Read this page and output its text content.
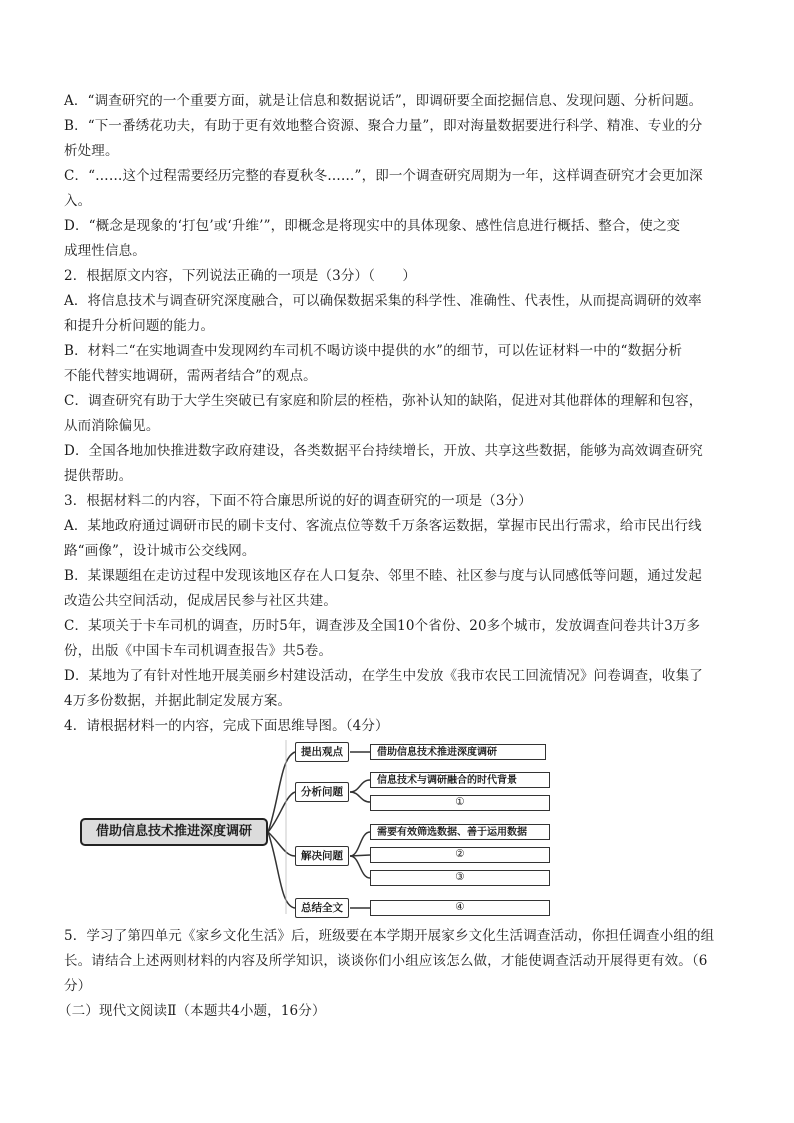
A．“调查研究的一个重要方面，就是让信息和数据说话”，即调研要全面挖掘信息、发现问题、分析问题。
B．“下一番绣花功夫，有助于更有效地整合资源、聚合力量”，即对海量数据要进行科学、精准、专业的分
析处理。
C．“……这个过程需要经历完整的春夏秋冬……”，即一个调查研究周期为一年，这样调查研究才会更加深
入。
D．“概念是现象的‘打包’或‘升维’”，即概念是将现实中的具体现象、感性信息进行概括、整合，使之变
成理性信息。
2．根据原文内容，下列说法正确的一项是（3分）（　　）
A．将信息技术与调查研究深度融合，可以确保数据采集的科学性、准确性、代表性，从而提高调研的效率
和提升分析问题的能力。
B．材料二“在实地调查中发现网约车司机不喝访谈中提供的水”的细节，可以佐证材料一中的“数据分析
不能代替实地调研，需两者结合”的观点。
C．调查研究有助于大学生突破已有家庭和阶层的桎梏，弥补认知的缺陷，促进对其他群体的理解和包容，
从而消除偏见。
D．全国各地加快推进数字政府建设，各类数据平台持续增长，开放、共享这些数据，能够为高效调查研究
提供帮助。
3．根据材料二的内容，下面不符合廉思所说的好的调查研究的一项是（3分）
A．某地政府通过调研市民的刷卡支付、客流点位等数千万条客运数据，掌握市民出行需求，给市民出行线
路“画像”，设计城市公交线网。
B．某课题组在走访过程中发现该地区存在人口复杂、邻里不睦、社区参与度与认同感低等问题，通过发起
改造公共空间活动，促成居民参与社区共建。
C．某项关于卡车司机的调查，历时5年，调查涉及全国10个省份、20多个城市，发放调查问卷共计3万多
份，出版《中国卡车司机调查报告》共5卷。
D．某地为了有针对性地开展美丽乡村建设活动，在学生中发放《我市农民工回流情况》问卷调查，收集了
4万多份数据，并据此制定发展方案。
4．请根据材料一的内容，完成下面思维导图。（4分）
借助信息技术推进深度调研
提出观点
分析问题
解决问题
总结全文
借助信息技术推进深度调研
信息技术与调研融合的时代背景
①
需要有效筛选数据、善于运用数据
②
③
④
5．学习了第四单元《家乡文化生活》后，班级要在本学期开展家乡文化生活调查活动，你担任调查小组的组
长。请结合上述两则材料的内容及所学知识，谈谈你们小组应该怎么做，才能使调查活动开展得更有效。（6
分）
（二）现代文阅读Ⅱ（本题共4小题，16分）
